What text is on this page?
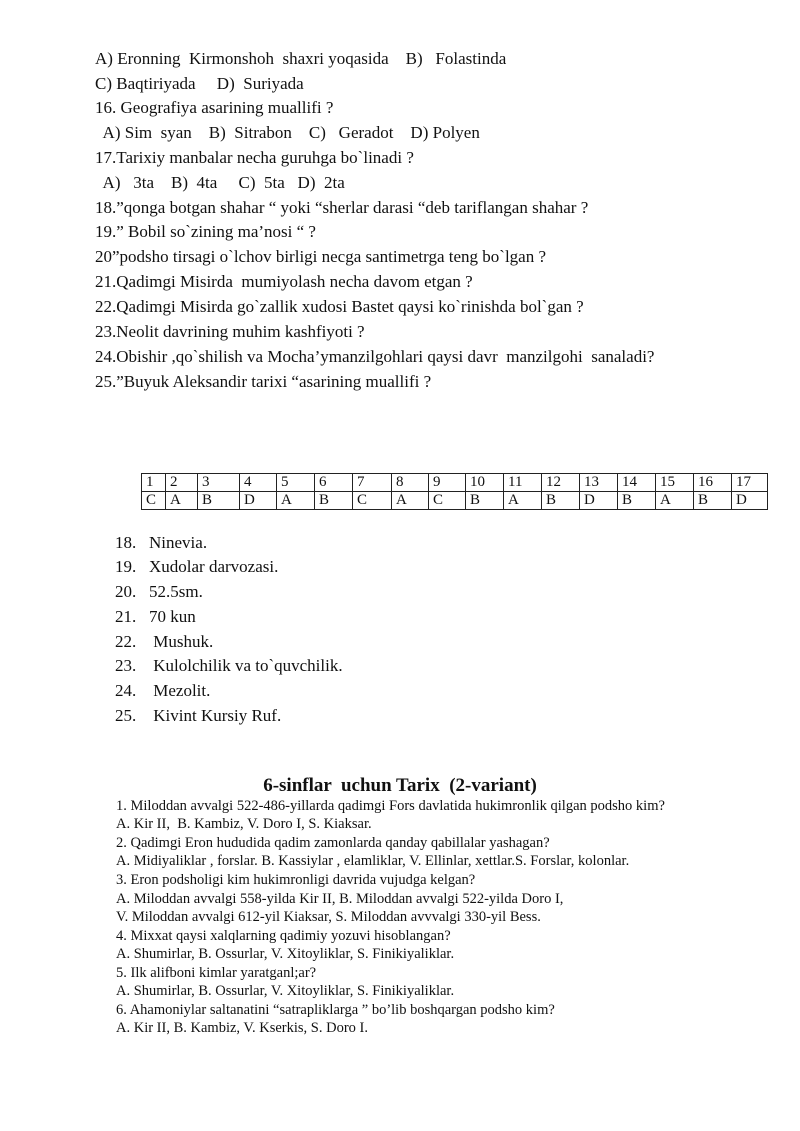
A) Eronning  Kirmonshoh  shaxri yoqasida    B)   Folastinda
C) Baqtiriyada     D)  Suriyada
16. Geografiya asarining muallifi ?
A) Sim  syan    B)  Sitrabon    C)   Geradot    D) Polyen
17.Tarixiy manbalar necha guruhga bo`linadi ?
A)   3ta    B)  4ta     C)  5ta   D)  2ta
18.”qonga botgan shahar “ yoki “sherlar darasi “deb tariflangan shahar ?
19.” Bobil so`zining ma’nosi “ ?
20”podsho tirsagi o`lchov birligi necga santimetrga teng bo`lgan ?
21.Qadimgi Misirda  mumiyolash necha davom etgan ?
22.Qadimgi Misirda go`zallik xudosi Bastet qaysi ko`rinishda bol`gan ?
23.Neolit davrining muhim kashfiyoti ?
24.Obishir ,qo`shilish va Mocha’ymanzilgohlari qaysi davr  manzilgohi  sanaladi?
25.”Buyuk Aleksandir tarixi “asarining muallifi ?
1	2	3	4	5	6	7	8	9	10	11	12	13	14	15	16	17
C	A	B	D	A	B	C	A	C	B	A	B	D	B	A	B	D
18. Ninevia.
19. Xudolar darvozasi.
20. 52.5sm.
21. 70 kun
22. Mushuk.
23. Kulolchilik va to`quvchilik.
24. Mezolit.
25. Kivint Kursiy Ruf.
6-sinflar  uchun Tarix  (2-variant)
1. Miloddan avvalgi 522-486-yillarda qadimgi Fors davlatida hukimronlik qilgan podsho kim?
A. Kir II,  B. Kambiz, V. Doro I, S. Kiaksar.
2. Qadimgi Eron hududida qadim zamonlarda qanday qabillalar yashagan?
A. Midiyaliklar , forslar. B. Kassiylar , elamliklar, V. Ellinlar, xettlar.S. Forslar, kolonlar.
3. Eron podsholigi kim hukimronligi davrida vujudga kelgan?
A. Miloddan avvalgi 558-yilda Kir II, B. Miloddan avvalgi 522-yilda Doro I,
V. Miloddan avvalgi 612-yil Kiaksar, S. Miloddan avvvalgi 330-yil Bess.
4. Mixxat qaysi xalqlarning qadimiy yozuvi hisoblangan?
A. Shumirlar, B. Ossurlar, V. Xitoyliklar, S. Finikiyaliklar.
5. Ilk alifboni kimlar yaratganl;ar?
A. Shumirlar, B. Ossurlar, V. Xitoyliklar, S. Finikiyaliklar.
6. Ahamoniylar saltanatini “satrapliklarga ” bo’lib boshqargan podsho kim?
A. Kir II, B. Kambiz, V. Kserkis, S. Doro I.
